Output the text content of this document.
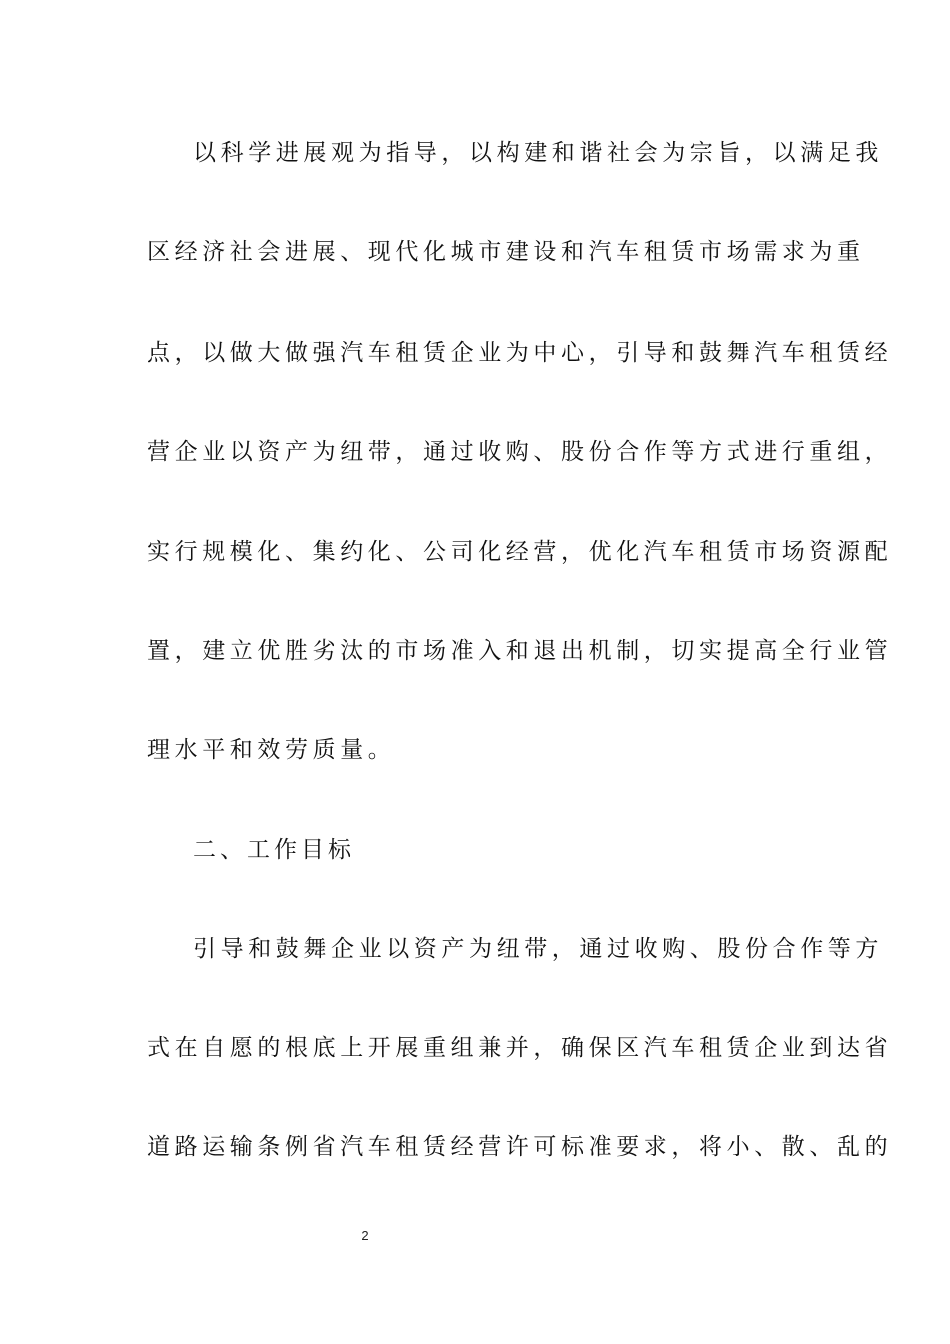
以科学进展观为指导，以构建和谐社会为宗旨，以满足我
区经济社会进展、现代化城市建设和汽车租赁市场需求为重
点，以做大做强汽车租赁企业为中心，引导和鼓舞汽车租赁经
营企业以资产为纽带，通过收购、股份合作等方式进行重组，
实行规模化、集约化、公司化经营，优化汽车租赁市场资源配
置，建立优胜劣汰的市场准入和退出机制，切实提高全行业管
理水平和效劳质量。
二、工作目标
引导和鼓舞企业以资产为纽带，通过收购、股份合作等方
式在自愿的根底上开展重组兼并，确保区汽车租赁企业到达省
道路运输条例省汽车租赁经营许可标准要求，将小、散、乱的
2
